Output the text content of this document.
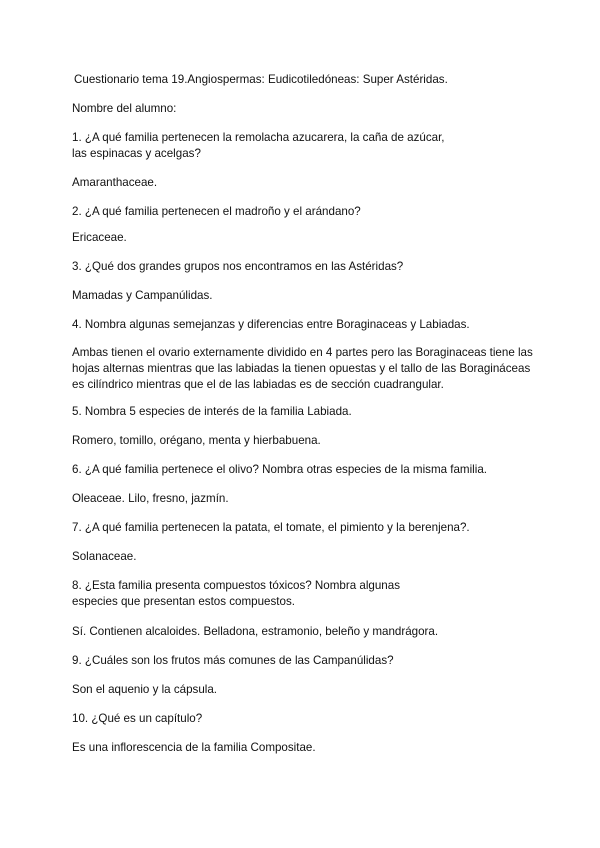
Cuestionario tema 19.Angiospermas: Eudicotiledóneas: Super Astéridas.

Nombre del alumno:

1. ¿A qué familia pertenecen la remolacha azucarera, la caña de azúcar, las espinacas y acelgas?

Amaranthaceae.

2. ¿A qué familia pertenecen el madroño y el arándano?

Ericaceae.

3. ¿Qué dos grandes grupos nos encontramos en las Astéridas?

Mamadas y Campanúlidas.

4. Nombra algunas semejanzas y diferencias entre Boraginaceas y Labiadas.

Ambas tienen el ovario externamente dividido en 4 partes pero las Boraginaceas tiene las hojas alternas mientras que las labiadas la tienen opuestas y el tallo de las Boragináceas es cilíndrico mientras que el de las labiadas es de sección cuadrangular.

5. Nombra 5 especies de interés de la familia Labiada.

Romero, tomillo, orégano, menta y hierbabuena.

6. ¿A qué familia pertenece el olivo? Nombra otras especies de la misma familia.

Oleaceae. Lilo, fresno, jazmín.

7. ¿A qué familia pertenecen la patata, el tomate, el pimiento y la berenjena?.

Solanaceae.

8. ¿Esta familia presenta compuestos tóxicos? Nombra algunas especies que presentan estos compuestos.

Sí. Contienen alcaloides. Belladona, estramonio, beleño y mandrágora.

9. ¿Cuáles son los frutos más comunes de las Campanúlidas?

Son el aquenio y la cápsula.

10. ¿Qué es un capítulo?

Es una inflorescencia de la familia Compositae.
